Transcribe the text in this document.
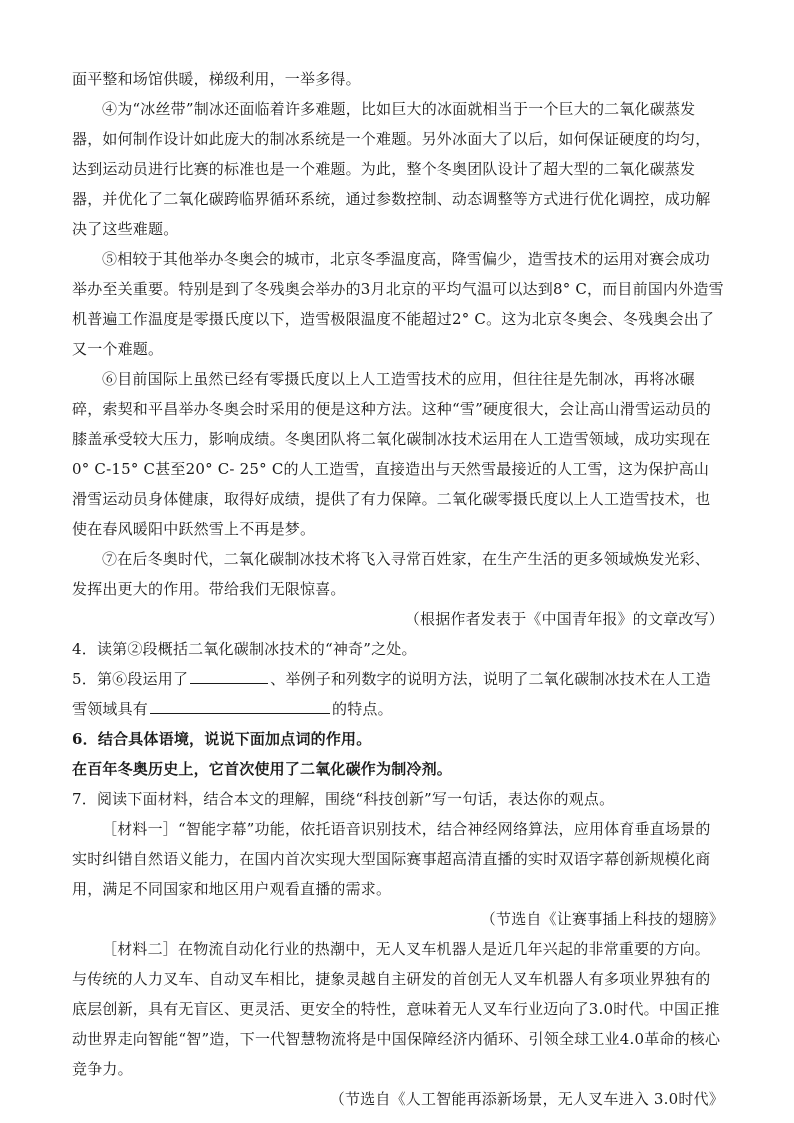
面平整和场馆供暖，梯级利用，一举多得。

④为“冰丝带”制冰还面临着许多难题，比如巨大的冰面就相当于一个巨大的二氧化碳蒸发器，如何制作设计如此庞大的制冰系统是一个难题。另外冰面大了以后，如何保证硬度的均匀，达到运动员进行比赛的标准也是一个难题。为此，整个冬奥团队设计了超大型的二氧化碳蒸发器，并优化了二氧化碳跨临界循环系统，通过参数控制、动态调整等方式进行优化调控，成功解决了这些难题。

⑤相较于其他举办冬奥会的城市，北京冬季温度高，降雪偏少，造雪技术的运用对赛会成功举办至关重要。特别是到了冬残奥会举办的3月北京的平均气温可以达到8° C，而目前国内外造雪机普遍工作温度是零摄氏度以下，造雪极限温度不能超过2° C。这为北京冬奥会、冬残奥会出了又一个难题。

⑥目前国际上虽然已经有零摄氏度以上人工造雪技术的应用，但往往是先制冰，再将冰碾碎，索契和平昌举办冬奥会时采用的便是这种方法。这种“雪”硬度很大，会让高山滑雪运动员的膝盖承受较大压力，影响成绩。冬奥团队将二氧化碳制冰技术运用在人工造雪领域，成功实现在0° C-15° C甚至20° C- 25° C的人工造雪，直接造出与天然雪最接近的人工雪，这为保护高山滑雪运动员身体健康，取得好成绩，提供了有力保障。二氧化碳零摄氏度以上人工造雪技术，也使在春风暖阳中跃然雪上不再是梦。

⑦在后冬奥时代，二氧化碳制冰技术将飞入寻常百姓家，在生产生活的更多领域焕发光彩、发挥出更大的作用。带给我们无限惊喜。

（根据作者发表于《中国青年报》的文章改写）

4．读第②段概括二氧化碳制冰技术的“神奇”之处。

5．第⑥段运用了	、举例子和列数字的说明方法，说明了二氧化碳制冰技术在人工造雪领域具有	的特点。

6．结合具体语境，说说下面加点词的作用。

在百年冬奥历史上，它首次使用了二氧化碳作为制冷剂。

7．阅读下面材料，结合本文的理解，围绕“科技创新”写一句话，表达你的观点。

［材料一］“智能字幕”功能，依托语音识别技术，结合神经网络算法，应用体育垂直场景的实时纠错自然语义能力，在国内首次实现大型国际赛事超高清直播的实时双语字幕创新规模化商用，满足不同国家和地区用户观看直播的需求。

（节选自《让赛事插上科技的翅膀》

［材料二］在物流自动化行业的热潮中，无人叉车机器人是近几年兴起的非常重要的方向。与传统的人力叉车、自动叉车相比，捷象灵越自主研发的首创无人叉车机器人有多项业界独有的底层创新，具有无盲区、更灵活、更安全的特性，意味着无人叉车行业迈向了3.0时代。中国正推动世界走向智能“智”造，下一代智慧物流将是中国保障经济内循环、引领全球工业4.0革命的核心竞争力。

（节选自《人工智能再添新场景，无人叉车进入 3.0时代》
